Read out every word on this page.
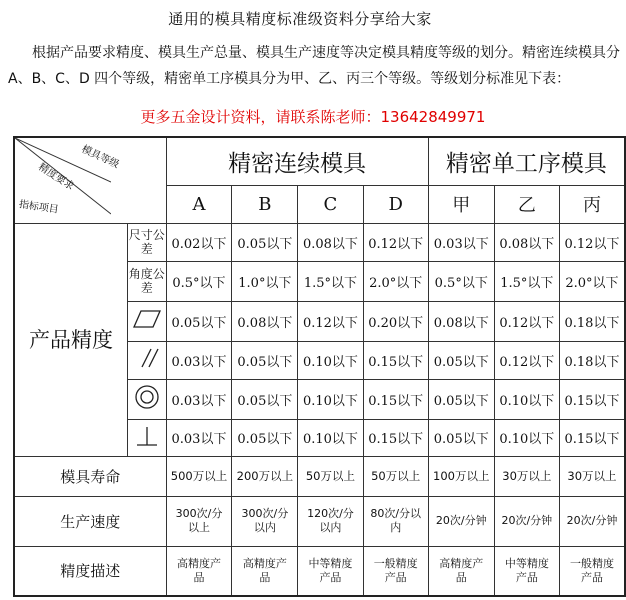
通用的模具精度标准级资料分享给大家
根据产品要求精度、模具生产总量、模具生产速度等决定模具精度等级的划分。精密连续模具分 A、B、C、D 四个等级，精密单工序模具分为甲、乙、丙三个等级。等级划分标准见下表：
更多五金设计资料，请联系陈老师：13642849971
模具等级
精度要求
指标项目		精密连续模具				精密单工序模具		
		A	B	C	D	甲	乙	丙
产品精度	尺寸公差	0.02以下	0.05以下	0.08以下	0.12以下	0.03以下	0.08以下	0.12以下
	角度公差	0.5°以下	1.0°以下	1.5°以下	2.0°以下	0.5°以下	1.5°以下	2.0°以下
	0.05以下	0.08以下	0.12以下	0.20以下	0.08以下	0.12以下	0.18以下
	0.03以下	0.05以下	0.10以下	0.15以下	0.05以下	0.12以下	0.18以下
	0.03以下	0.05以下	0.10以下	0.15以下	0.05以下	0.10以下	0.15以下
	0.03以下	0.05以下	0.10以下	0.15以下	0.05以下	0.10以下	0.15以下
模具寿命		500万以上	200万以上	50万以上	50万以上	100万以上	30万以上	30万以上
生产速度		300次/分以上	300次/分以内	120次/分以内	80次/分以内	20次/分钟	20次/分钟	20次/分钟
精度描述		高精度产品	高精度产品	中等精度产品	一般精度产品	高精度产品	中等精度产品	一般精度产品
